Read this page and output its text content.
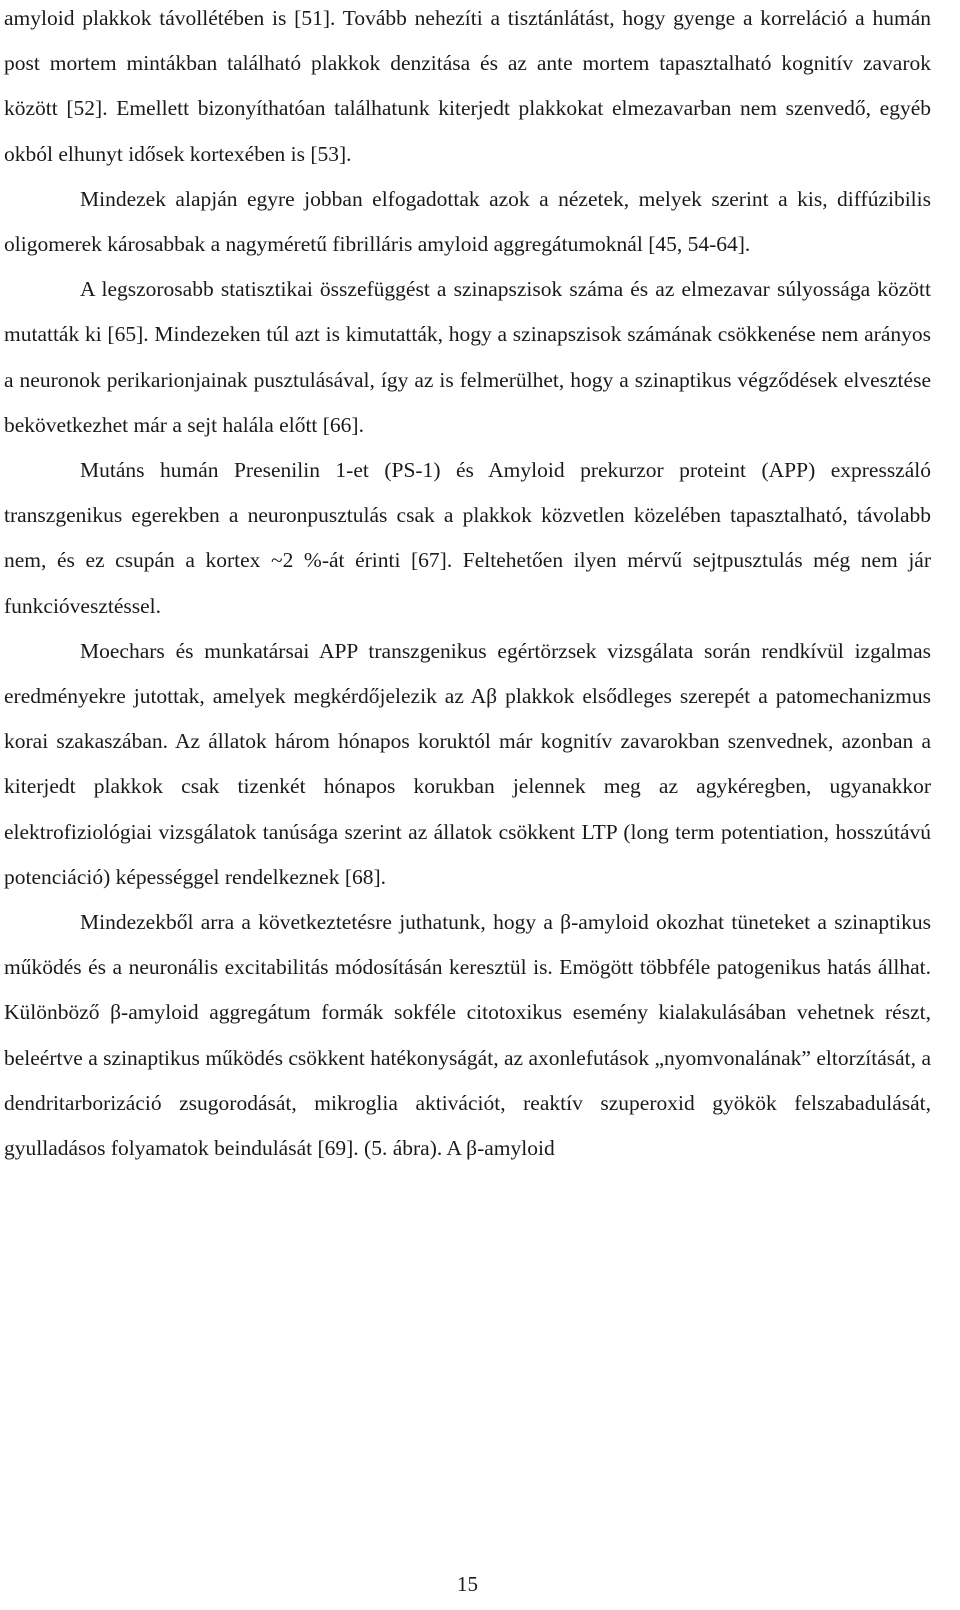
amyloid plakkok távollétében is [51]. Tovább nehezíti a tisztánlátást, hogy gyenge a korreláció a humán post mortem mintákban található plakkok denzitása és az ante mortem tapasztalható kognitív zavarok között [52]. Emellett bizonyíthatóan találhatunk kiterjedt plakkokat elmezavarban nem szenvedő, egyéb okból elhunyt idősek kortexében is [53].

Mindezek alapján egyre jobban elfogadottak azok a nézetek, melyek szerint a kis, diffúzibilis oligomerek károsabbak a nagyméretű fibrilláris amyloid aggregátumoknál [45, 54-64].

A legszorosabb statisztikai összefüggést a szinapszisok száma és az elmezavar súlyossága között mutatták ki [65]. Mindezeken túl azt is kimutatták, hogy a szinapszisok számának csökkenése nem arányos a neuronok perikarionjainak pusztulásával, így az is felmerülhet, hogy a szinaptikus végződések elvesztése bekövetkezhet már a sejt halála előtt [66].

Mutáns humán Presenilin 1-et (PS-1) és Amyloid prekurzor proteint (APP) expresszáló transzgenikus egerekben a neuronpusztulás csak a plakkok közvetlen közelében tapasztalható, távolabb nem, és ez csupán a kortex ~2 %-át érinti [67]. Feltehetően ilyen mérvű sejtpusztulás még nem jár funkcióvesztéssel.

Moechars és munkatársai APP transzgenikus egértörzsek vizsgálata során rendkívül izgalmas eredményekre jutottak, amelyek megkérdőjelezik az Aβ plakkok elsődleges szerepét a patomechanizmus korai szakaszában. Az állatok három hónapos koruktól már kognitív zavarokban szenvednek, azonban a kiterjedt plakkok csak tizenkét hónapos korukban jelennek meg az agykéregben, ugyanakkor elektrofiziológiai vizsgálatok tanúsága szerint az állatok csökkent LTP (long term potentiation, hosszútávú potenciáció) képességgel rendelkeznek [68].

Mindezekből arra a következtetésre juthatunk, hogy a β-amyloid okozhat tüneteket a szinaptikus működés és a neuronális excitabilitás módosításán keresztül is. Emögött többféle patogenikus hatás állhat. Különböző β-amyloid aggregátum formák sokféle citotoxikus esemény kialakulásában vehetnek részt, beleértve a szinaptikus működés csökkent hatékonyságát, az axonlefutások „nyomvonalának” eltorzítását, a dendritarborizáció zsugorodását, mikroglia aktivációt, reaktív szuperoxid gyökök felszabadulását, gyulladásos folyamatok beindulását [69]. (5. ábra). A β-amyloid

15
